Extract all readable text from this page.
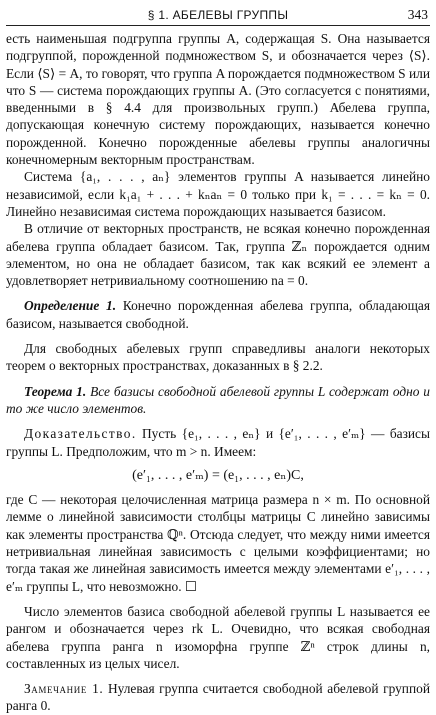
§ 1. АБЕЛЕВЫ ГРУППЫ	343

есть наименьшая подгруппа группы A, содержащая S. Она называется подгруппой, порожденной подмножеством S, и обозначается через ⟨S⟩. Если ⟨S⟩ = A, то говорят, что группа A порождается подмножеством S или что S — система порождающих группы A. (Это согласуется с понятиями, введенными в § 4.4 для произвольных групп.) Абелева группа, допускающая конечную систему порождающих, называется конечно порожденной. Конечно порожденные абелевы группы аналогичны конечномерным векторным пространствам.

Система {a₁, . . . , aₙ} элементов группы A называется линейно независимой, если k₁a₁ + . . . + kₙaₙ = 0 только при k₁ = . . . = kₙ = 0. Линейно независимая система порождающих называется базисом.

В отличие от векторных пространств, не всякая конечно порожденная абелева группа обладает базисом. Так, группа ℤₙ порождается одним элементом, но она не обладает базисом, так как всякий ее элемент a удовлетворяет нетривиальному соотношению na = 0.

Определение 1. Конечно порожденная абелева группа, обладающая базисом, называется свободной.

Для свободных абелевых групп справедливы аналоги некоторых теорем о векторных пространствах, доказанных в § 2.2.

Теорема 1. Все базисы свободной абелевой группы L содержат одно и то же число элементов.

Доказательство. Пусть {e₁, . . . , eₙ} и {e′₁, . . . , e′ₘ} — базисы группы L. Предположим, что m > n. Имеем:

(e′₁, . . . , e′ₘ) = (e₁, . . . , eₙ)C,

где C — некоторая целочисленная матрица размера n × m. По основной лемме о линейной зависимости столбцы матрицы C линейно зависимы как элементы пространства ℚⁿ. Отсюда следует, что между ними имеется нетривиальная линейная зависимость с целыми коэффициентами; но тогда такая же линейная зависимость имеется между элементами e′₁, . . . , e′ₘ группы L, что невозможно. ☐

Число элементов базиса свободной абелевой группы L называется ее рангом и обозначается через rk L. Очевидно, что всякая свободная абелева группа ранга n изоморфна группе ℤⁿ строк длины n, составленных из целых чисел.

Замечание 1. Нулевая группа считается свободной абелевой группой ранга 0.
